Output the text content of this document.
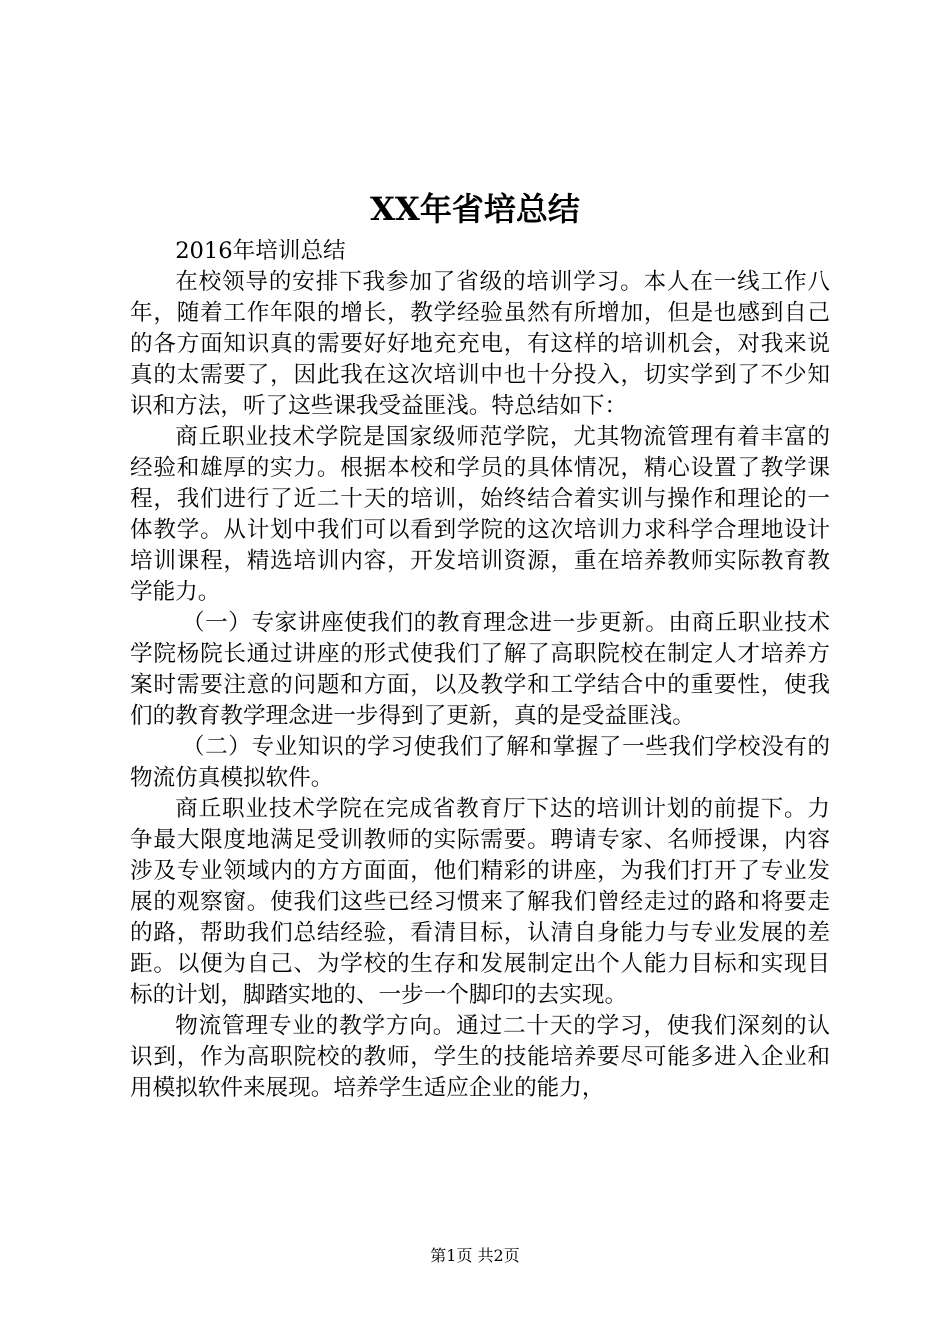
XX年省培总结

2016年培训总结

在校领导的安排下我参加了省级的培训学习。本人在一线工作八年，随着工作年限的增长，教学经验虽然有所增加，但是也感到自己的各方面知识真的需要好好地充充电，有这样的培训机会，对我来说真的太需要了，因此我在这次培训中也十分投入，切实学到了不少知识和方法，听了这些课我受益匪浅。特总结如下：

商丘职业技术学院是国家级师范学院，尤其物流管理有着丰富的经验和雄厚的实力。根据本校和学员的具体情况，精心设置了教学课程，我们进行了近二十天的培训，始终结合着实训与操作和理论的一体教学。从计划中我们可以看到学院的这次培训力求科学合理地设计培训课程，精选培训内容，开发培训资源，重在培养教师实际教育教学能力。

（一）专家讲座使我们的教育理念进一步更新。由商丘职业技术学院杨院长通过讲座的形式使我们了解了高职院校在制定人才培养方案时需要注意的问题和方面，以及教学和工学结合中的重要性，使我们的教育教学理念进一步得到了更新，真的是受益匪浅。

（二）专业知识的学习使我们了解和掌握了一些我们学校没有的物流仿真模拟软件。

商丘职业技术学院在完成省教育厅下达的培训计划的前提下。力争最大限度地满足受训教师的实际需要。聘请专家、名师授课，内容涉及专业领域内的方方面面，他们精彩的讲座，为我们打开了专业发展的观察窗。使我们这些已经习惯来了解我们曾经走过的路和将要走的路，帮助我们总结经验，看清目标，认清自身能力与专业发展的差距。以便为自己、为学校的生存和发展制定出个人能力目标和实现目标的计划，脚踏实地的、一步一个脚印的去实现。

物流管理专业的教学方向。通过二十天的学习，使我们深刻的认识到，作为高职院校的教师，学生的技能培养要尽可能多进入企业和用模拟软件来展现。培养学生适应企业的能力，

第1页 共2页
